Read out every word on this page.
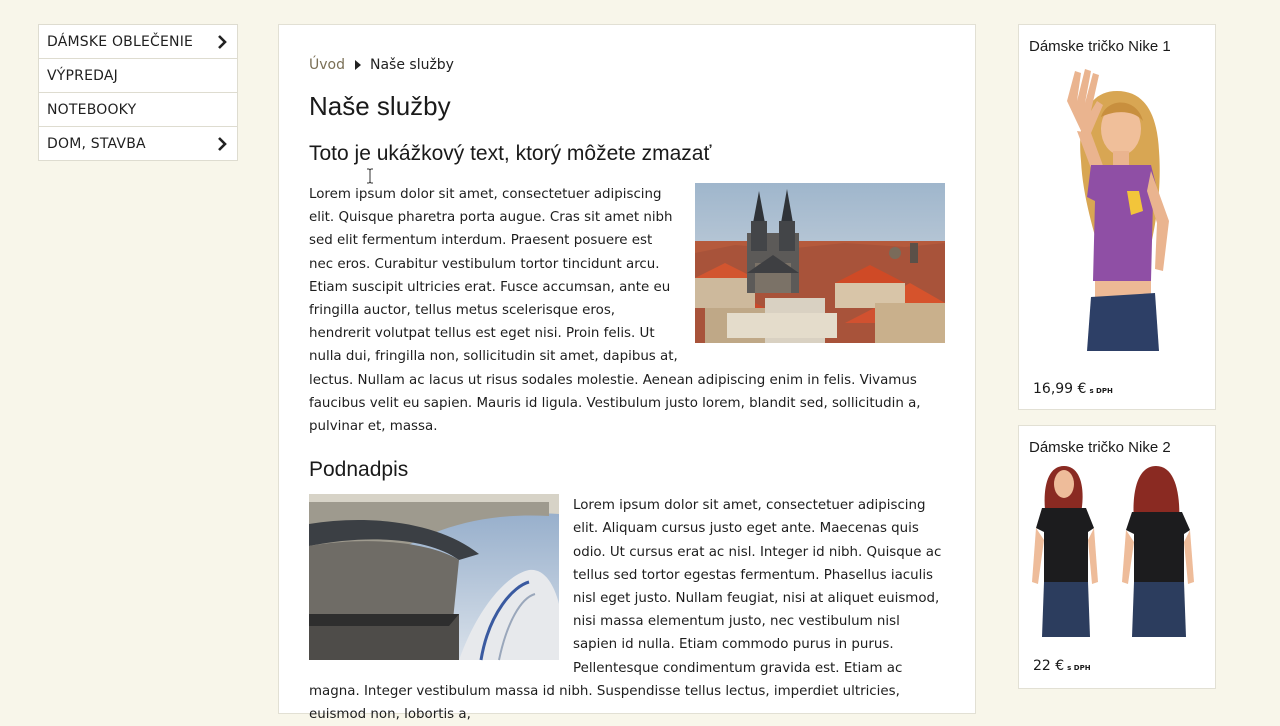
DÁMSKE OBLEČENIE
VÝPREDAJ
NOTEBOOKY
DOM, STAVBA
Úvod Naše služby
Naše služby
Toto je ukážkový text, ktorý môžete zmazať
Lorem ipsum dolor sit amet, consectetuer adipiscing elit. Quisque pharetra porta augue. Cras sit amet nibh sed elit fermentum interdum. Praesent posuere est nec eros. Curabitur vestibulum tortor tincidunt arcu. Etiam suscipit ultricies erat. Fusce accumsan, ante eu fringilla auctor, tellus metus scelerisque eros, hendrerit volutpat tellus est eget nisi. Proin felis. Ut nulla dui, fringilla non, sollicitudin sit amet, dapibus at, lectus. Nullam ac lacus ut risus sodales molestie. Aenean adipiscing enim in felis. Vivamus faucibus velit eu sapien. Mauris id ligula. Vestibulum justo lorem, blandit sed, sollicitudin a, pulvinar et, massa.
Podnadpis
Lorem ipsum dolor sit amet, consectetuer adipiscing elit. Aliquam cursus justo eget ante. Maecenas quis odio. Ut cursus erat ac nisl. Integer id nibh. Quisque ac tellus sed tortor egestas fermentum. Phasellus iaculis nisl eget justo. Nullam feugiat, nisi at aliquet euismod, nisi massa elementum justo, nec vestibulum nisl sapien id nulla. Etiam commodo purus in purus. Pellentesque condimentum gravida est. Etiam ac magna. Integer vestibulum massa id nibh. Suspendisse tellus lectus, imperdiet ultricies, euismod non, lobortis a,
Dámske tričko Nike 1
16,99 € s DPH
Dámske tričko Nike 2
22 € s DPH
